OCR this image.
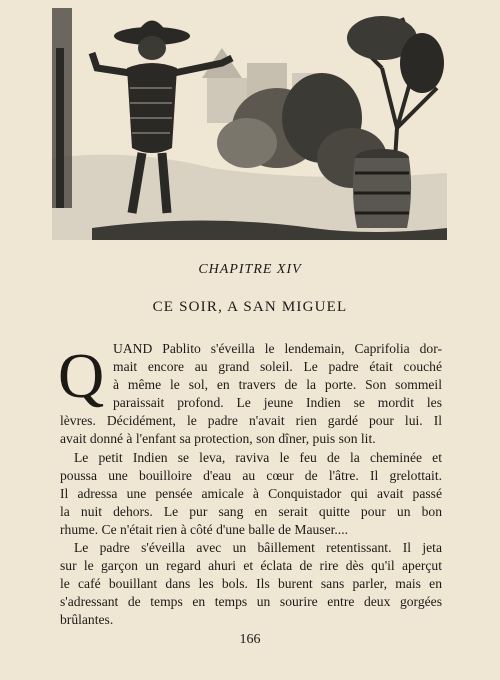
CHAPITRE XIV
CE SOIR, A SAN MIGUEL
Q UAND Pablito s'éveilla le lendemain, Caprifolia dor-
mait encore au grand soleil. Le padre était couché
à même le sol, en travers de la porte. Son sommeil
paraissait profond. Le jeune Indien se mordit les
lèvres. Décidément, le padre n'avait rien gardé pour lui. Il
avait donné à l'enfant sa protection, son dîner, puis son lit.
Le petit Indien se leva, raviva le feu de la cheminée et
poussa une bouilloire d'eau au cœur de l'âtre. Il grelottait.
Il adressa une pensée amicale à Conquistador qui avait passé
la nuit dehors. Le pur sang en serait quitte pour un bon
rhume. Ce n'était rien à côté d'une balle de Mauser....
Le padre s'éveilla avec un bâillement retentissant. Il jeta
sur le garçon un regard ahuri et éclata de rire dès qu'il aperçut
le café bouillant dans les bols. Ils burent sans parler, mais en
s'adressant de temps en temps un sourire entre deux gorgées
brûlantes.
166
